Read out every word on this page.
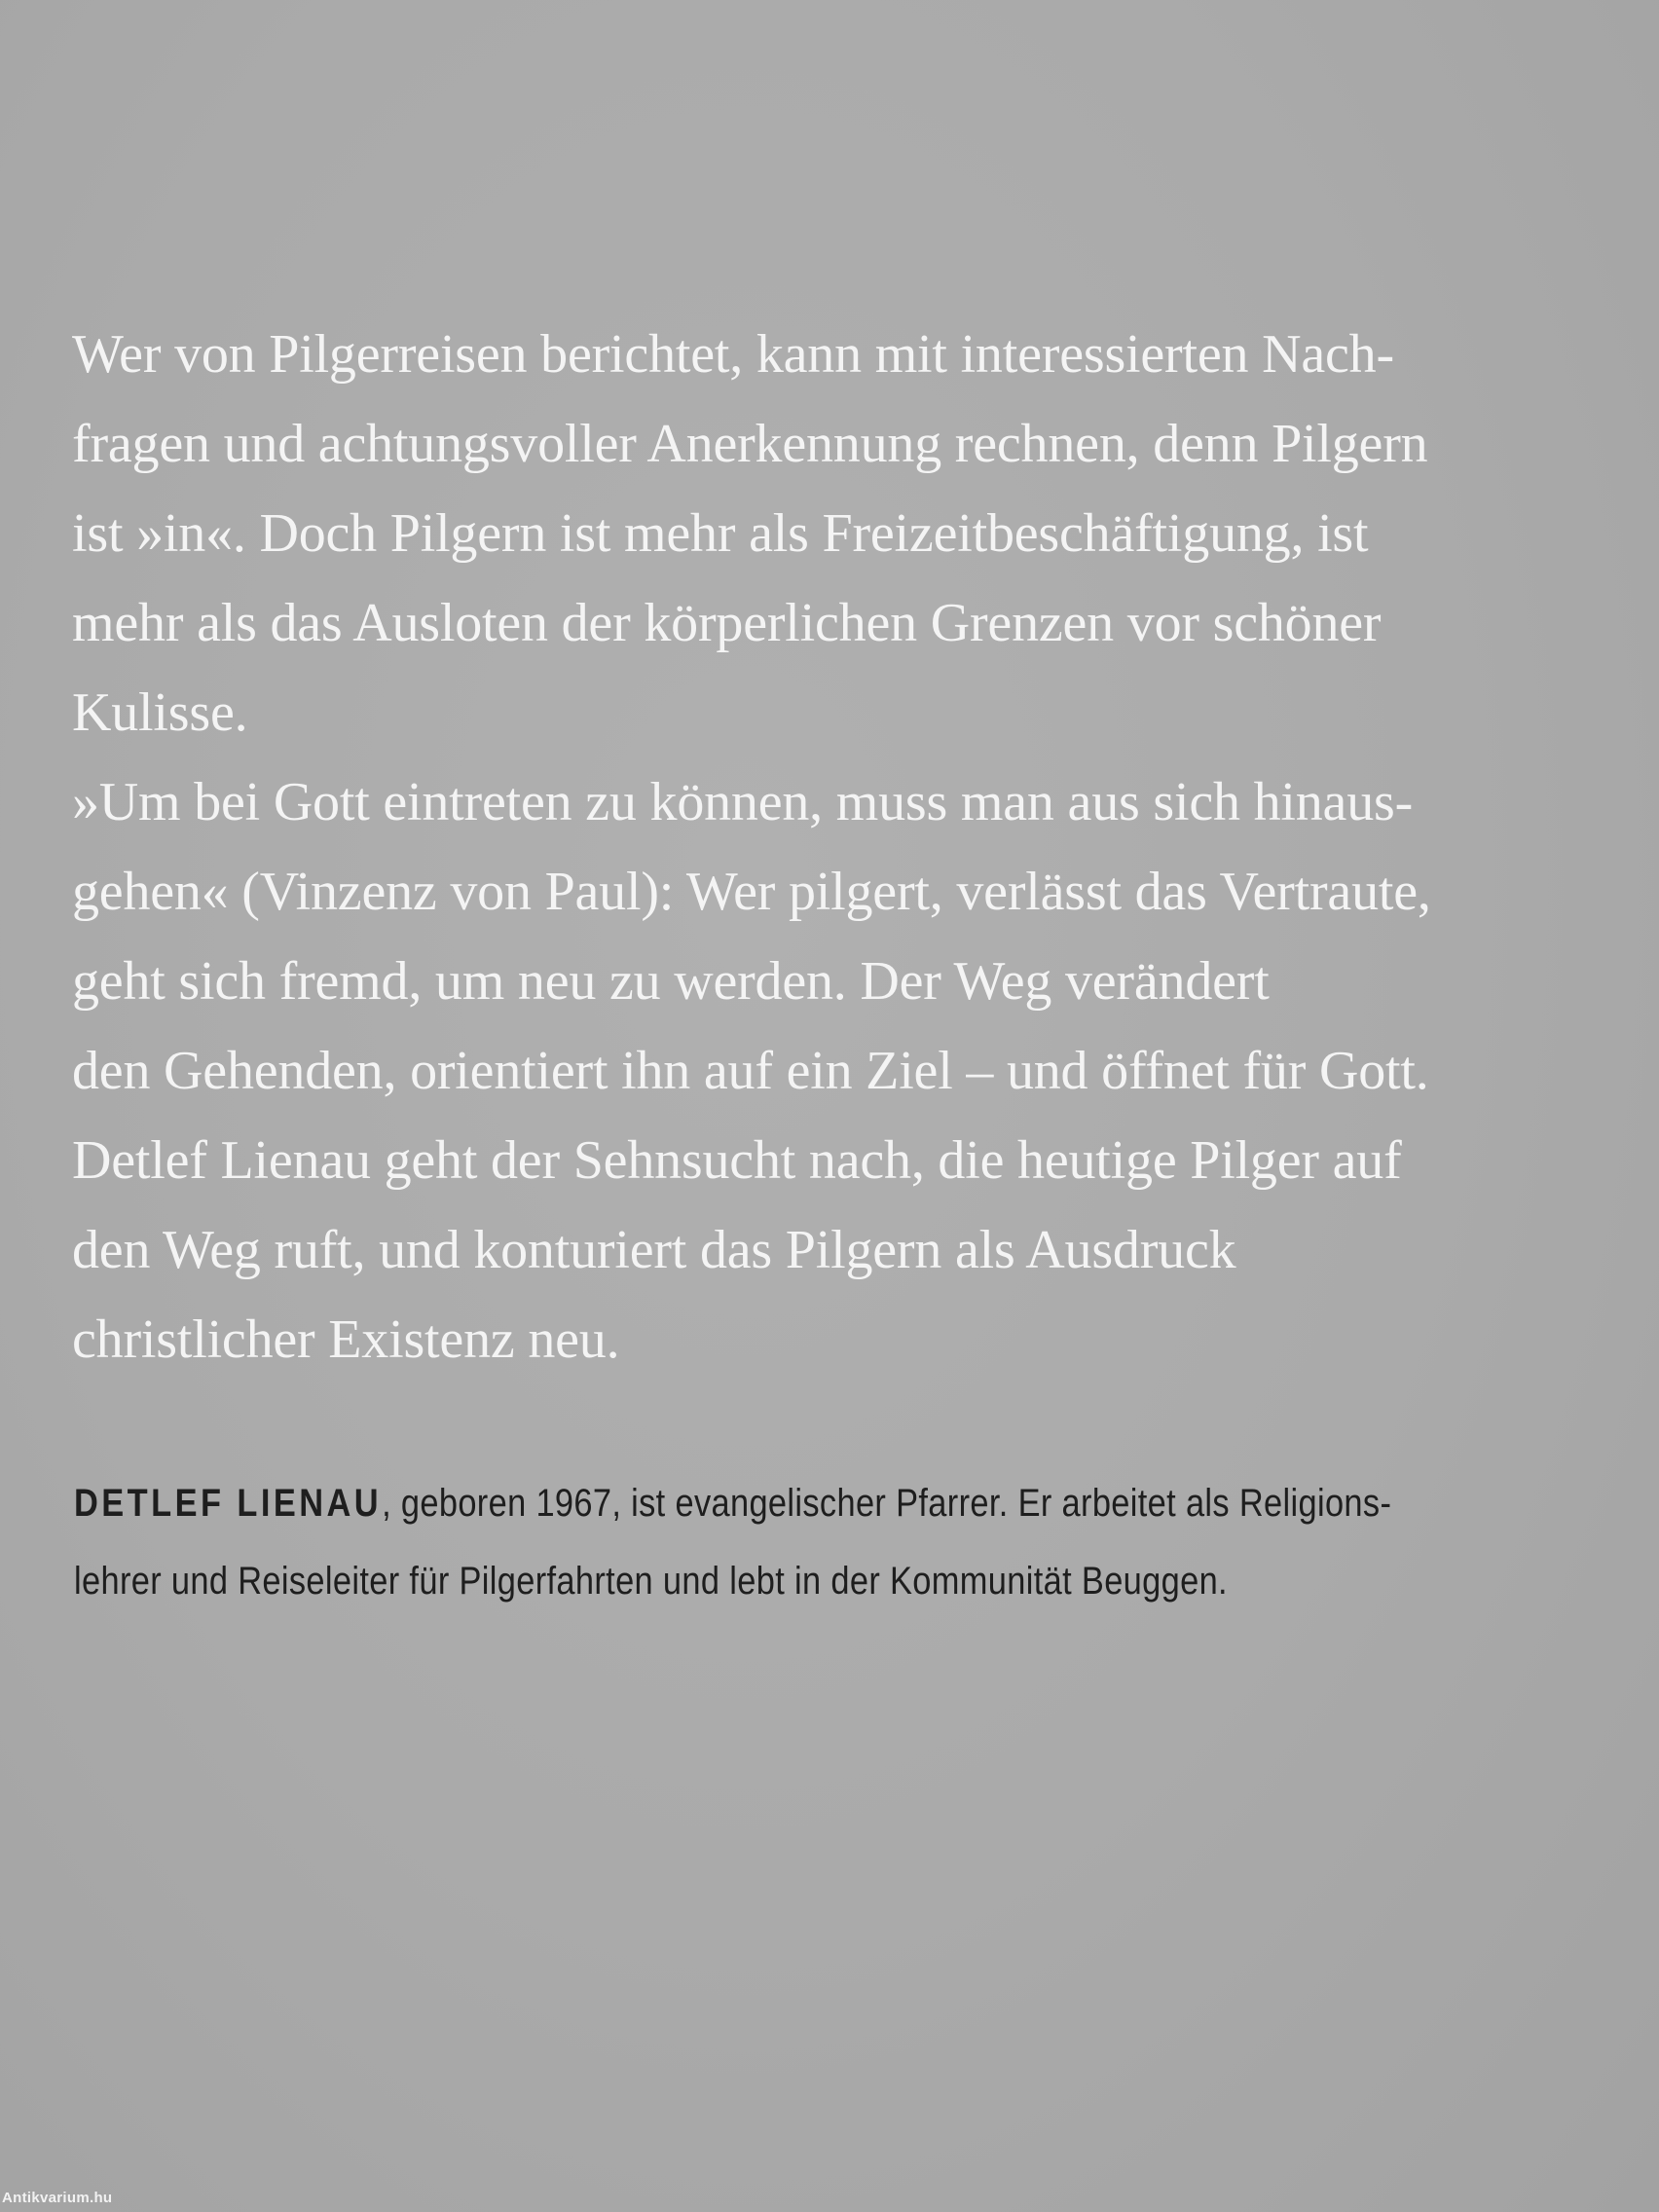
Wer von Pilgerreisen berichtet, kann mit interessierten Nach-
fragen und achtungsvoller Anerkennung rechnen, denn Pilgern
ist »in«. Doch Pilgern ist mehr als Freizeitbeschäftigung, ist
mehr als das Ausloten der körperlichen Grenzen vor schöner
Kulisse.
»Um bei Gott eintreten zu können, muss man aus sich hinaus-
gehen« (Vinzenz von Paul): Wer pilgert, verlässt das Vertraute,
geht sich fremd, um neu zu werden. Der Weg verändert
den Gehenden, orientiert ihn auf ein Ziel – und öffnet für Gott.
Detlef Lienau geht der Sehnsucht nach, die heutige Pilger auf
den Weg ruft, und konturiert das Pilgern als Ausdruck
christlicher Existenz neu.
DETLEF LIENAU, geboren 1967, ist evangelischer Pfarrer. Er arbeitet als Religions-
lehrer und Reiseleiter für Pilgerfahrten und lebt in der Kommunität Beuggen.
Antikvarium.hu
